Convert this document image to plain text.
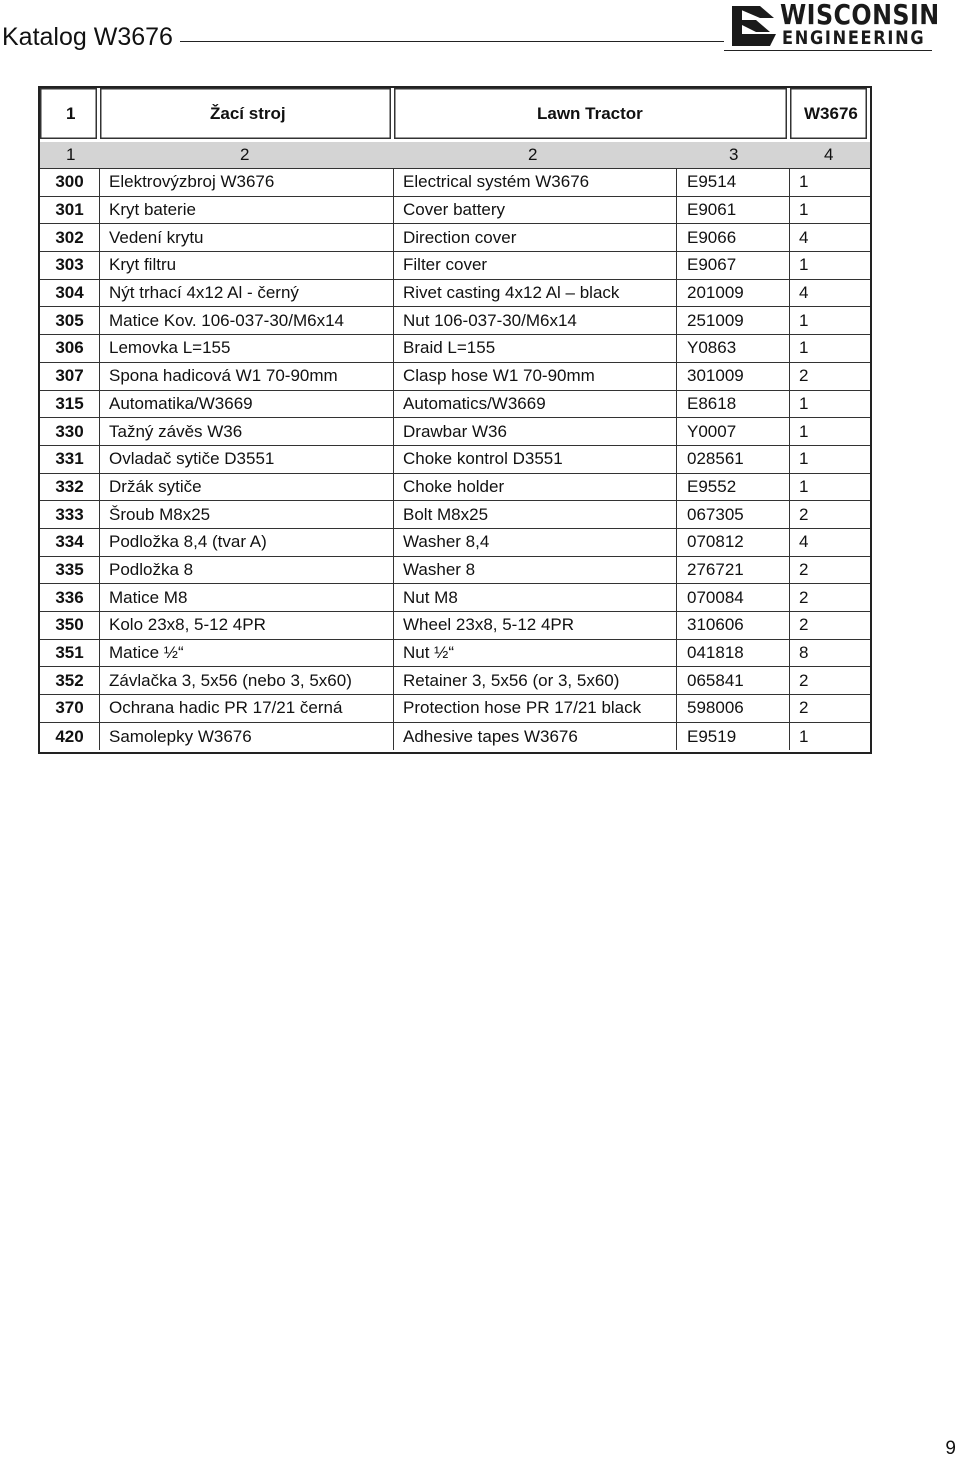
Katalog W3676
WISCONSIN
ENGINEERING
1	Žací stroj	Lawn Tractor		W3676
1	2	2	3	4
300	Elektrovýzbroj W3676	Electrical systém W3676	E9514	1
301	Kryt baterie	Cover battery	E9061	1
302	Vedení krytu	Direction cover	E9066	4
303	Kryt filtru	Filter cover	E9067	1
304	Nýt trhací 4x12 Al - černý	Rivet casting 4x12 Al – black	201009	4
305	Matice Kov. 106-037-30/M6x14	Nut 106-037-30/M6x14	251009	1
306	Lemovka L=155	Braid L=155	Y0863	1
307	Spona hadicová W1 70-90mm	Clasp hose W1 70-90mm	301009	2
315	Automatika/W3669	Automatics/W3669	E8618	1
330	Tažný závěs W36	Drawbar W36	Y0007	1
331	Ovladač sytiče D3551	Choke kontrol D3551	028561	1
332	Držák sytiče	Choke holder	E9552	1
333	Šroub M8x25	Bolt M8x25	067305	2
334	Podložka 8,4 (tvar A)	Washer 8,4	070812	4
335	Podložka 8	Washer 8	276721	2
336	Matice M8	Nut M8	070084	2
350	Kolo 23x8, 5-12 4PR	Wheel 23x8, 5-12 4PR	310606	2
351	Matice ½“	Nut ½“	041818	8
352	Závlačka 3, 5x56 (nebo 3, 5x60)	Retainer 3, 5x56 (or 3, 5x60)	065841	2
370	Ochrana hadic PR 17/21 černá	Protection hose PR 17/21 black	598006	2
420	Samolepky W3676	Adhesive tapes W3676	E9519	1
9
